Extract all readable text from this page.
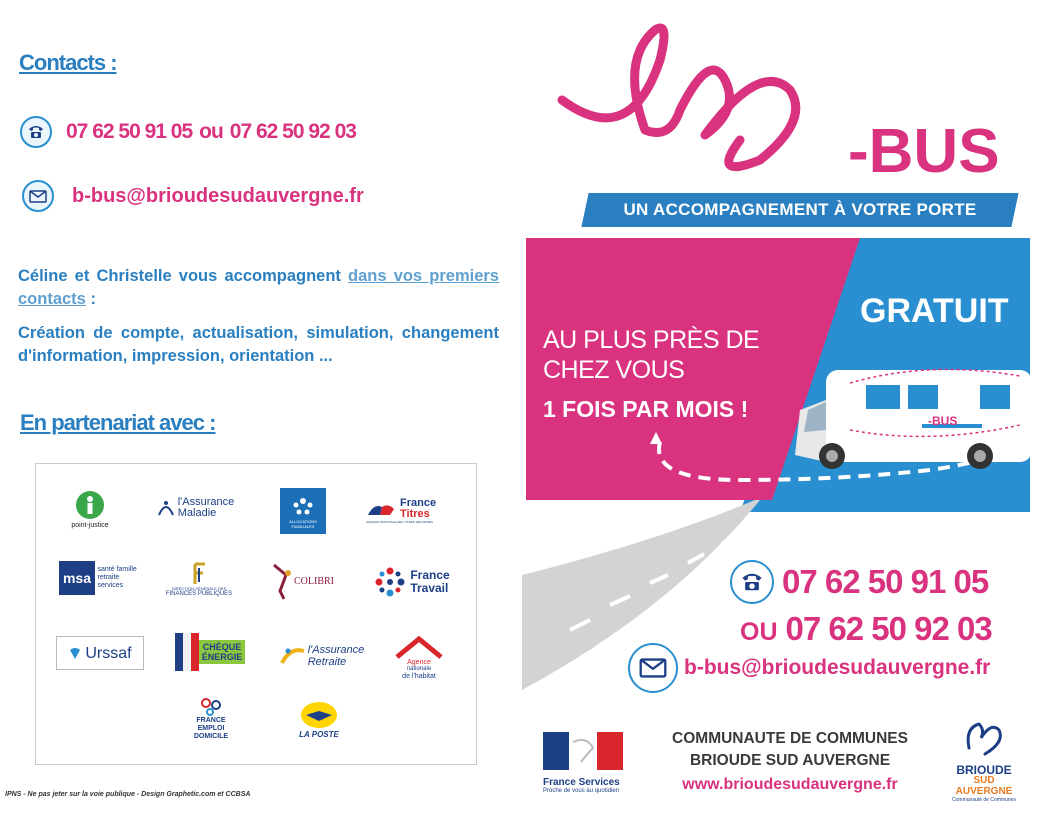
Contacts :
07 62 50 91 05 ou 07 62 50 92 03
b-bus@brioudesudauvergne.fr
Céline et Christelle vous accompagnent dans vos premiers contacts :
Création de compte, actualisation, simulation, changement d'information, impression, orientation ...
En partenariat avec :
point-justice
l'Assurance
Maladie
ALLOCATIONS FAMILIALES
France
Titres
AGENCE NATIONALE DES TITRES SÉCURISÉS
msa
santé famille retraite services	DIRECTION GÉNÉRALE DES
FINANCES PUBLIQUES
COLIBRI	France
Travail
Urssaf	CHÈQUE
ÉNERGIE
l'Assurance
Retraite	Agence
nationale
de l'habitat
FRANCE EMPLOI DOMICILE	LA POSTE
IPNS - Ne pas jeter sur la voie publique - Design Graphetic.com et CCBSA
-BUS
-BUS
UN ACCOMPAGNEMENT À VOTRE PORTE
GRATUIT
AU PLUS PRÈS DE
CHEZ VOUS
1 FOIS PAR MOIS !
07 62 50 91 05
OU 07 62 50 92 03
b-bus@brioudesudauvergne.fr
France Services
Proche de vous au quotidien
COMMUNAUTE DE COMMUNES
BRIOUDE SUD AUVERGNE
www.brioudesudauvergne.fr
BRIOUDE
SUD AUVERGNE
Communauté de Communes
